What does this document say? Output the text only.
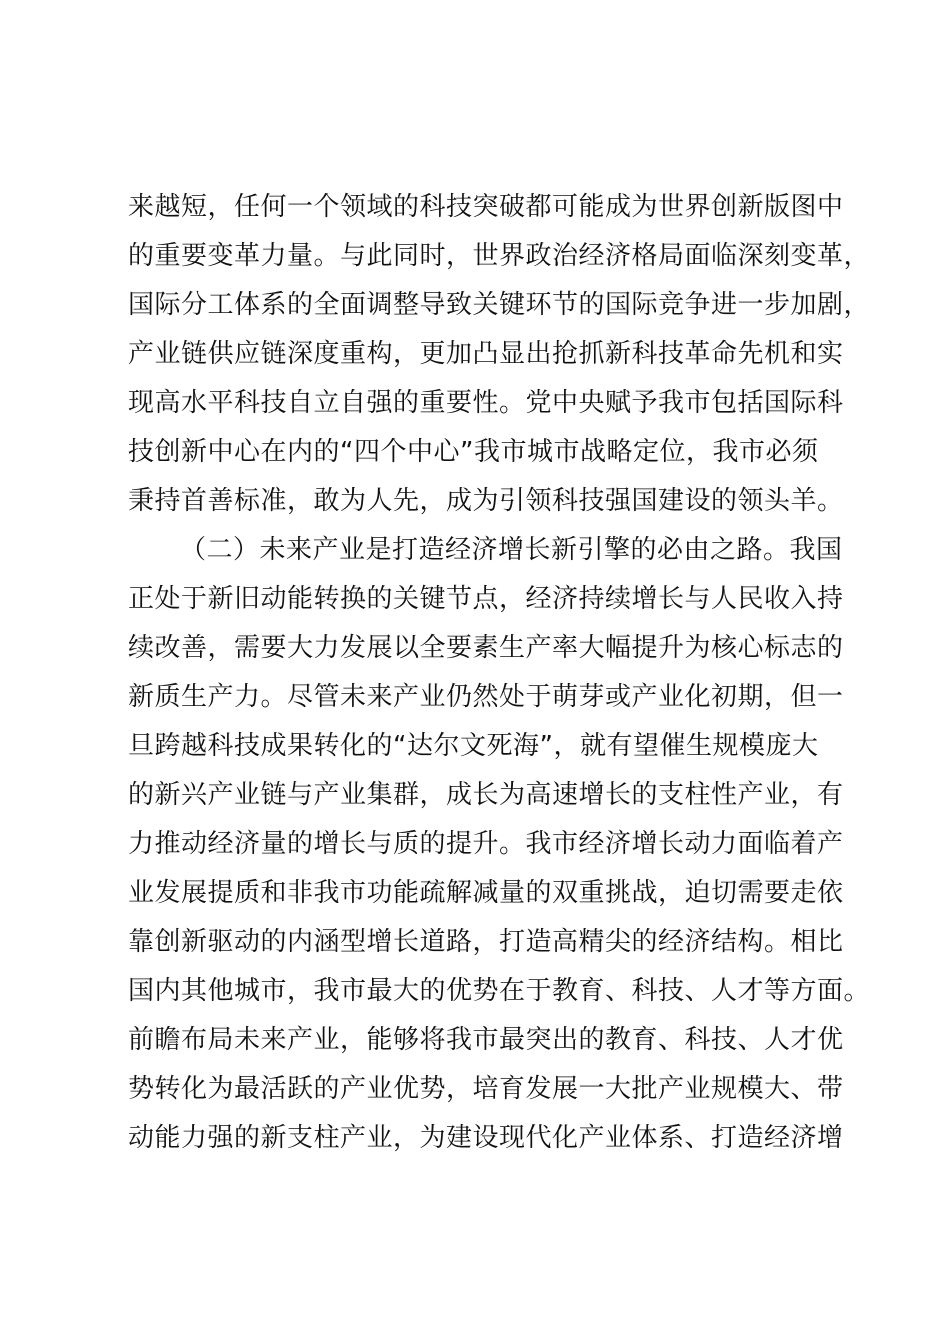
来越短，任何一个领域的科技突破都可能成为世界创新版图中
的重要变革力量。与此同时，世界政治经济格局面临深刻变革，
国际分工体系的全面调整导致关键环节的国际竞争进一步加剧，
产业链供应链深度重构，更加凸显出抢抓新科技革命先机和实
现高水平科技自立自强的重要性。党中央赋予我市包括国际科
技创新中心在内的“四个中心”我市城市战略定位，我市必须
秉持首善标准，敢为人先，成为引领科技强国建设的领头羊。
（二）未来产业是打造经济增长新引擎的必由之路。我国
正处于新旧动能转换的关键节点，经济持续增长与人民收入持
续改善，需要大力发展以全要素生产率大幅提升为核心标志的
新质生产力。尽管未来产业仍然处于萌芽或产业化初期，但一
旦跨越科技成果转化的“达尔文死海”，就有望催生规模庞大
的新兴产业链与产业集群，成长为高速增长的支柱性产业，有
力推动经济量的增长与质的提升。我市经济增长动力面临着产
业发展提质和非我市功能疏解减量的双重挑战，迫切需要走依
靠创新驱动的内涵型增长道路，打造高精尖的经济结构。相比
国内其他城市，我市最大的优势在于教育、科技、人才等方面。
前瞻布局未来产业，能够将我市最突出的教育、科技、人才优
势转化为最活跃的产业优势，培育发展一大批产业规模大、带
动能力强的新支柱产业，为建设现代化产业体系、打造经济增
